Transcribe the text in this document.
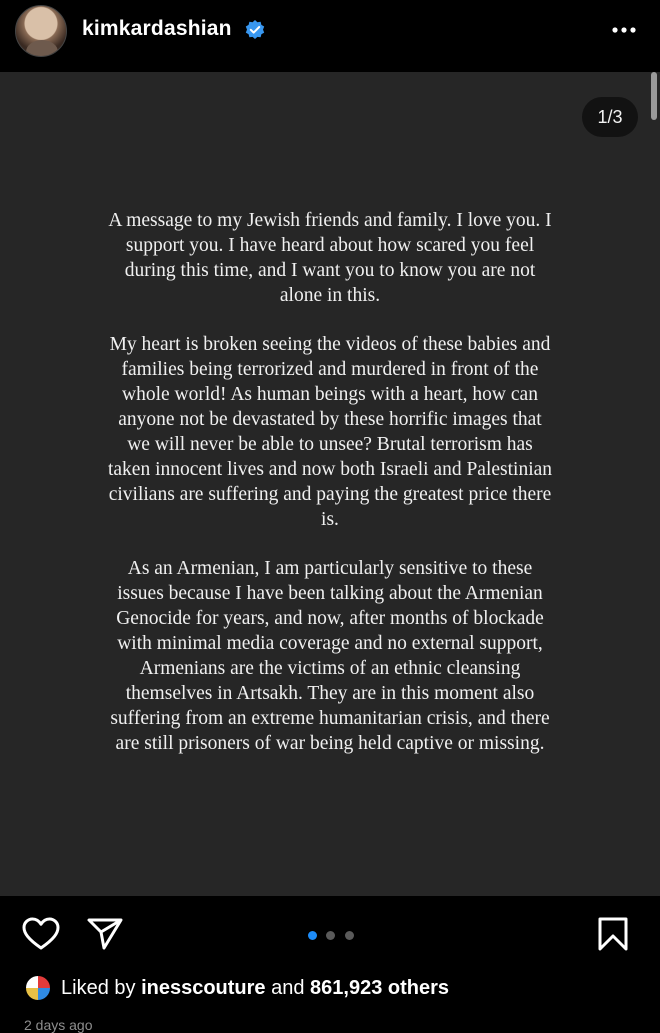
kimkardashian
1/3

A message to my Jewish friends and family. I love you. I
support you. I have heard about how scared you feel
during this time, and I want you to know you are not
alone in this.

My heart is broken seeing the videos of these babies and
families being terrorized and murdered in front of the
whole world! As human beings with a heart, how can
anyone not be devastated by these horrific images that
we will never be able to unsee? Brutal terrorism has
taken innocent lives and now both Israeli and Palestinian
civilians are suffering and paying the greatest price there
is.

As an Armenian, I am particularly sensitive to these
issues because I have been talking about the Armenian
Genocide for years, and now, after months of blockade
with minimal media coverage and no external support,
Armenians are the victims of an ethnic cleansing
themselves in Artsakh. They are in this moment also
suffering from an extreme humanitarian crisis, and there
are still prisoners of war being held captive or missing.

Liked by inesscouture and 861,923 others
2 days ago
